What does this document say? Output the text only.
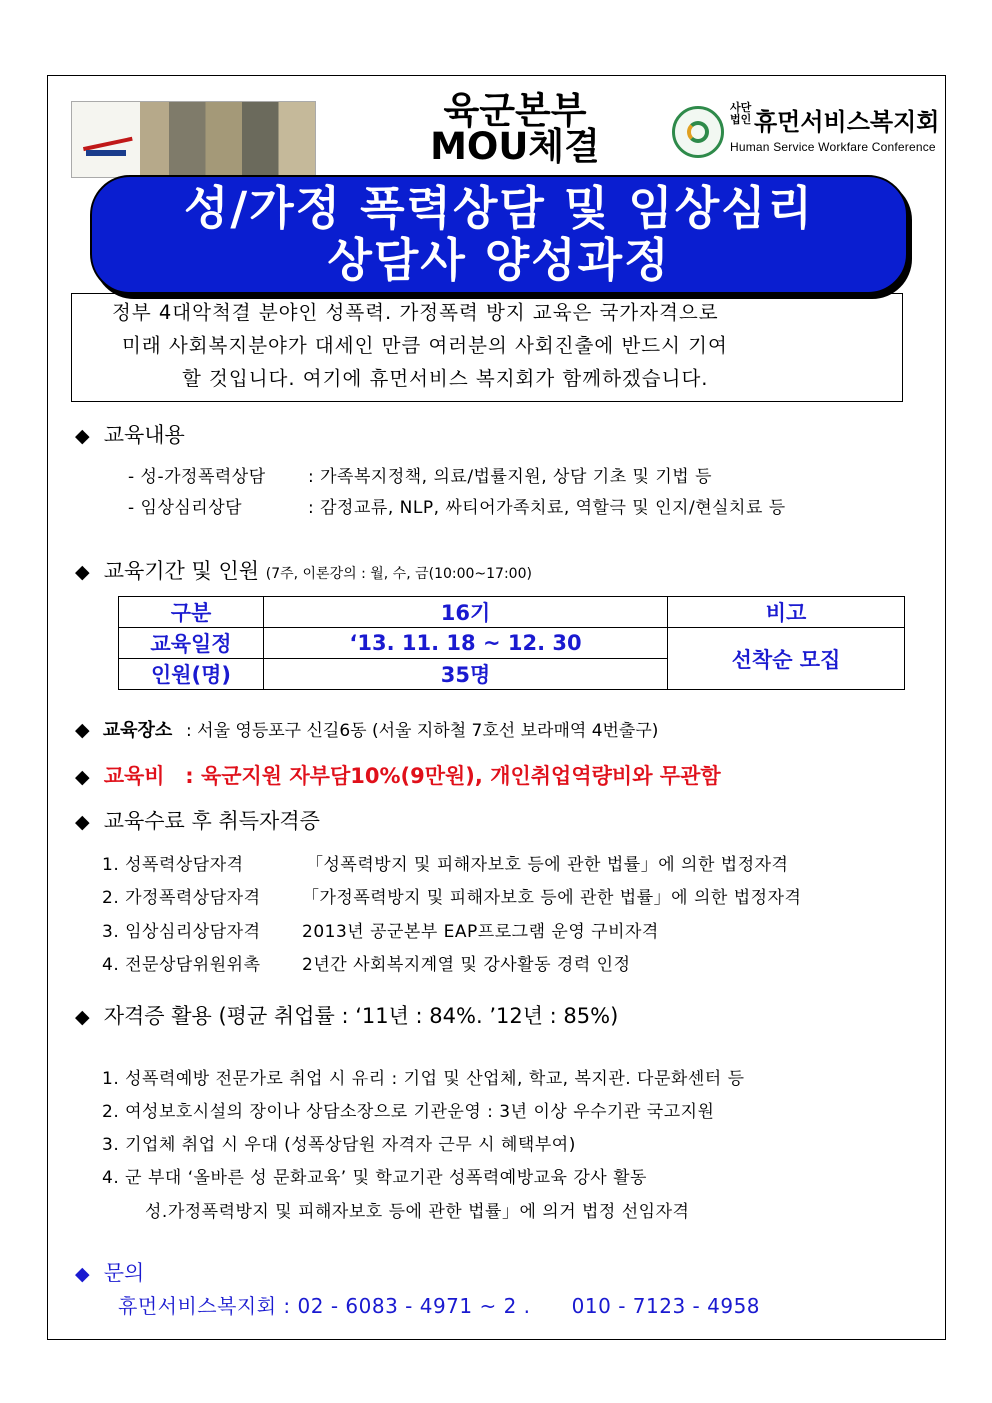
육군본부
MOU체결
사단법인 휴먼서비스복지회
Human Service Workfare Conference
성/가정 폭력상담 및 임상심리
상담사 양성과정
정부 4대악척결 분야인 성폭력. 가정폭력 방지 교육은 국가자격으로
미래 사회복지분야가 대세인 만큼 여러분의 사회진출에 반드시 기여
할 것입니다. 여기에 휴먼서비스 복지회가 함께하겠습니다.
◆ 교육내용
- 성-가정폭력상담 : 가족복지정책, 의료/법률지원, 상담 기초 및 기법 등
- 임상심리상담	: 감정교류, NLP, 싸티어가족치료, 역할극 및 인지/현실치료 등
◆ 교육기간 및 인원 (7주, 이론강의 : 월, 수, 금(10:00~17:00)
구분	16기	비고
교육일정	‘13. 11. 18 ~ 12. 30	선착순 모집
인원(명)	35명	
◆ 교육장소 : 서울 영등포구 신길6동 (서울 지하철 7호선 보라매역 4번출구)
◆ 교육비 : 육군지원 자부담10%(9만원), 개인취업역량비와 무관함
◆ 교육수료 후 취득자격증
1. 성폭력상담자격	「성폭력방지 및 피해자보호 등에 관한 법률」에 의한 법정자격
2. 가정폭력상담자격 「가정폭력방지 및 피해자보호 등에 관한 법률」에 의한 법정자격
3. 임상심리상담자격 2013년 공군본부 EAP프로그램 운영 구비자격
4. 전문상담위원위촉 2년간 사회복지계열 및 강사활동 경력 인정
◆ 자격증 활용 (평균 취업률 : ‘11년 : 84%. ’12년 : 85%)
1. 성폭력예방 전문가로 취업 시 유리 : 기업 및 산업체, 학교, 복지관. 다문화센터 등
2. 여성보호시설의 장이나 상담소장으로 기관운영 : 3년 이상 우수기관 국고지원
3. 기업체 취업 시 우대 (성폭상담원 자격자 근무 시 혜택부여)
4. 군 부대 ‘올바른 성 문화교육’ 및 학교기관 성폭력예방교육 강사 활동
성.가정폭력방지 및 피해자보호 등에 관한 법률」에 의거 법정 선임자격
◆ 문의
휴먼서비스복지회 : 02 - 6083 - 4971 ~ 2 .      010 - 7123 - 4958
